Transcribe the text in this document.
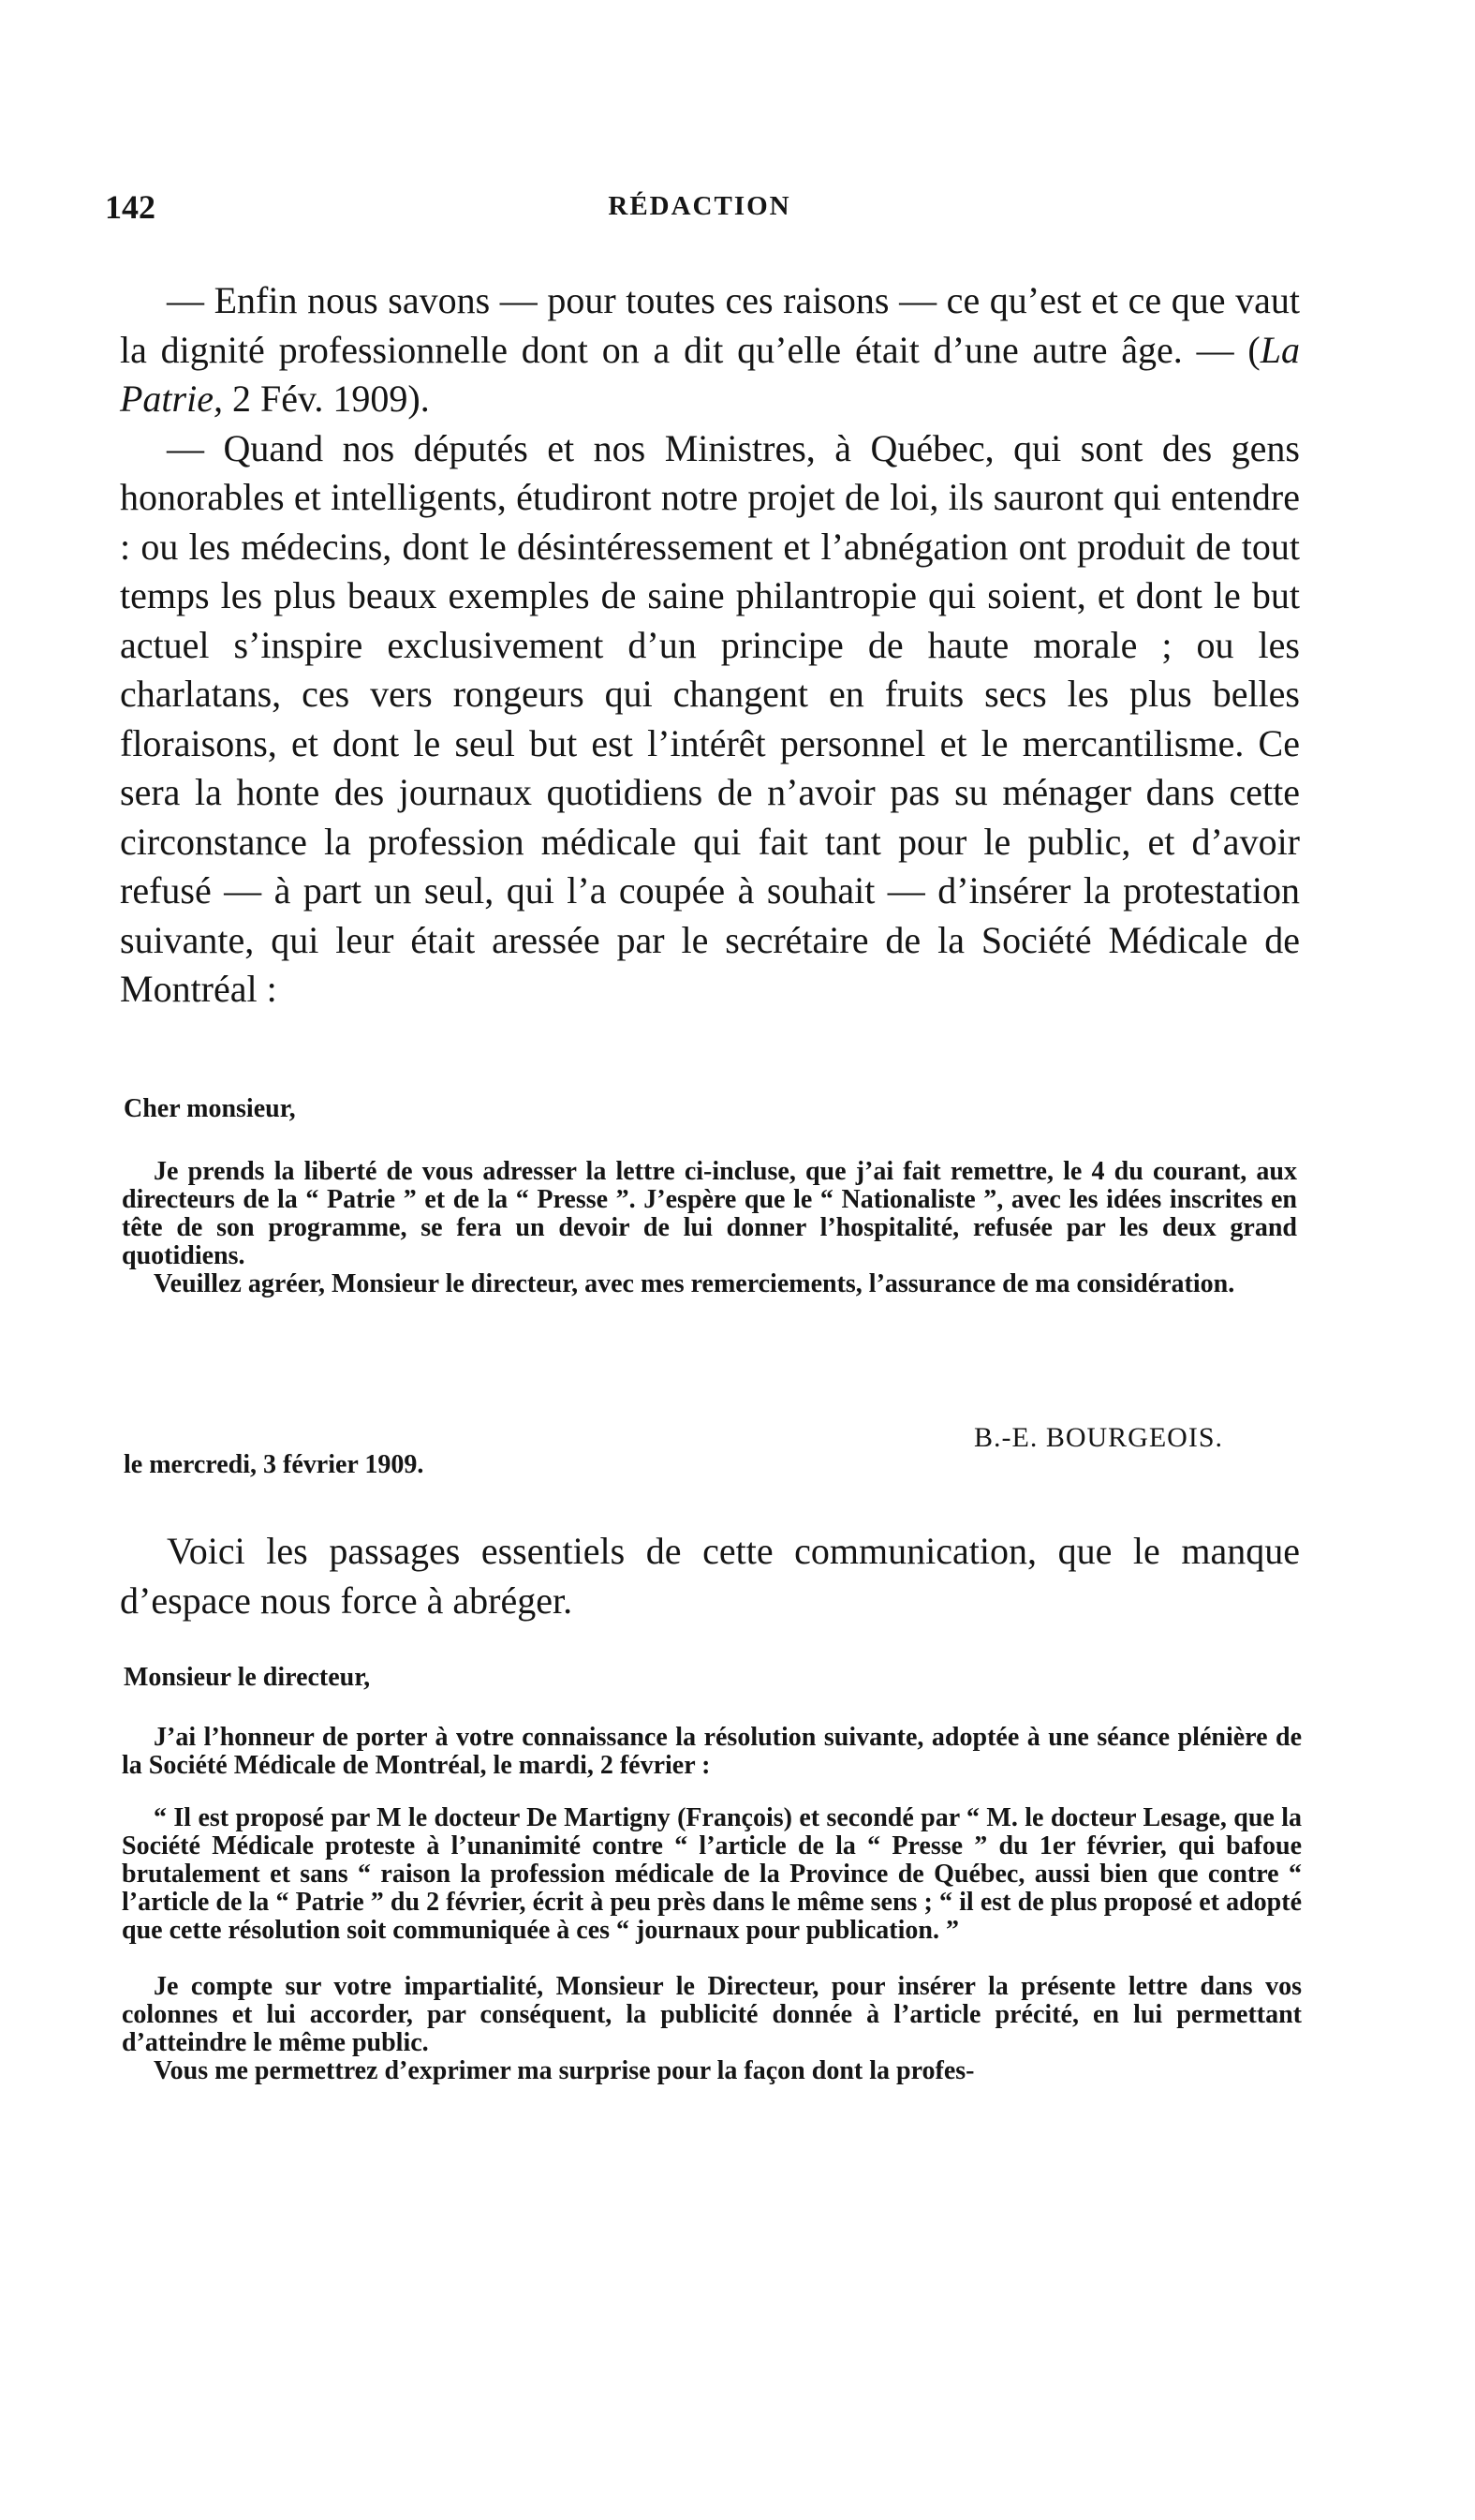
142	RÉDACTION

— Enfin nous savons — pour toutes ces raisons — ce qu’est et ce que vaut la dignité professionnelle dont on a dit qu’elle était d’une autre âge. — (La Patrie, 2 Fév. 1909).

— Quand nos députés et nos Ministres, à Québec, qui sont des gens honorables et intelligents, étudiront notre projet de loi, ils sauront qui entendre : ou les médecins, dont le désintéressement et l’abnégation ont produit de tout temps les plus beaux exemples de saine philantropie qui soient, et dont le but actuel s’inspire exclusivement d’un principe de haute morale ; ou les charlatans, ces vers rongeurs qui changent en fruits secs les plus belles floraisons, et dont le seul but est l’intérêt personnel et le mercantilisme. Ce sera la honte des journaux quotidiens de n’avoir pas su ménager dans cette circonstance la profession médicale qui fait tant pour le public, et d’avoir refusé — à part un seul, qui l’a coupée à souhait — d’insérer la protestation suivante, qui leur était aressée par le secrétaire de la Société Médicale de Montréal :

Cher monsieur,

Je prends la liberté de vous adresser la lettre ci-incluse, que j’ai fait remettre, le 4 du courant, aux directeurs de la “ Patrie ” et de la “ Presse ”. J’espère que le “ Nationaliste ”, avec les idées inscrites en tête de son programme, se fera un devoir de lui donner l’hospitalité, refusée par les deux grand quotidiens.

Veuillez agréer, Monsieur le directeur, avec mes remerciements, l’assurance de ma considération.

B.-E. BOURGEOIS.
le mercredi, 3 février 1909.

Voici les passages essentiels de cette communication, que le manque d’espace nous force à abréger.

Monsieur le directeur,

J’ai l’honneur de porter à votre connaissance la résolution suivante, adoptée à une séance plénière de la Société Médicale de Montréal, le mardi, 2 février :

“ Il est proposé par M le docteur De Martigny (François) et secondé par “ M. le docteur Lesage, que la Société Médicale proteste à l’unanimité contre “ l’article de la “ Presse ” du 1er février, qui bafoue brutalement et sans “ raison la profession médicale de la Province de Québec, aussi bien que contre “ l’article de la “ Patrie ” du 2 février, écrit à peu près dans le même sens ; “ il est de plus proposé et adopté que cette résolution soit communiquée à ces “ journaux pour publication. ”

Je compte sur votre impartialité, Monsieur le Directeur, pour insérer la présente lettre dans vos colonnes et lui accorder, par conséquent, la publicité donnée à l’article précité, en lui permettant d’atteindre le même public.

Vous me permettrez d’exprimer ma surprise pour la façon dont la profes-
